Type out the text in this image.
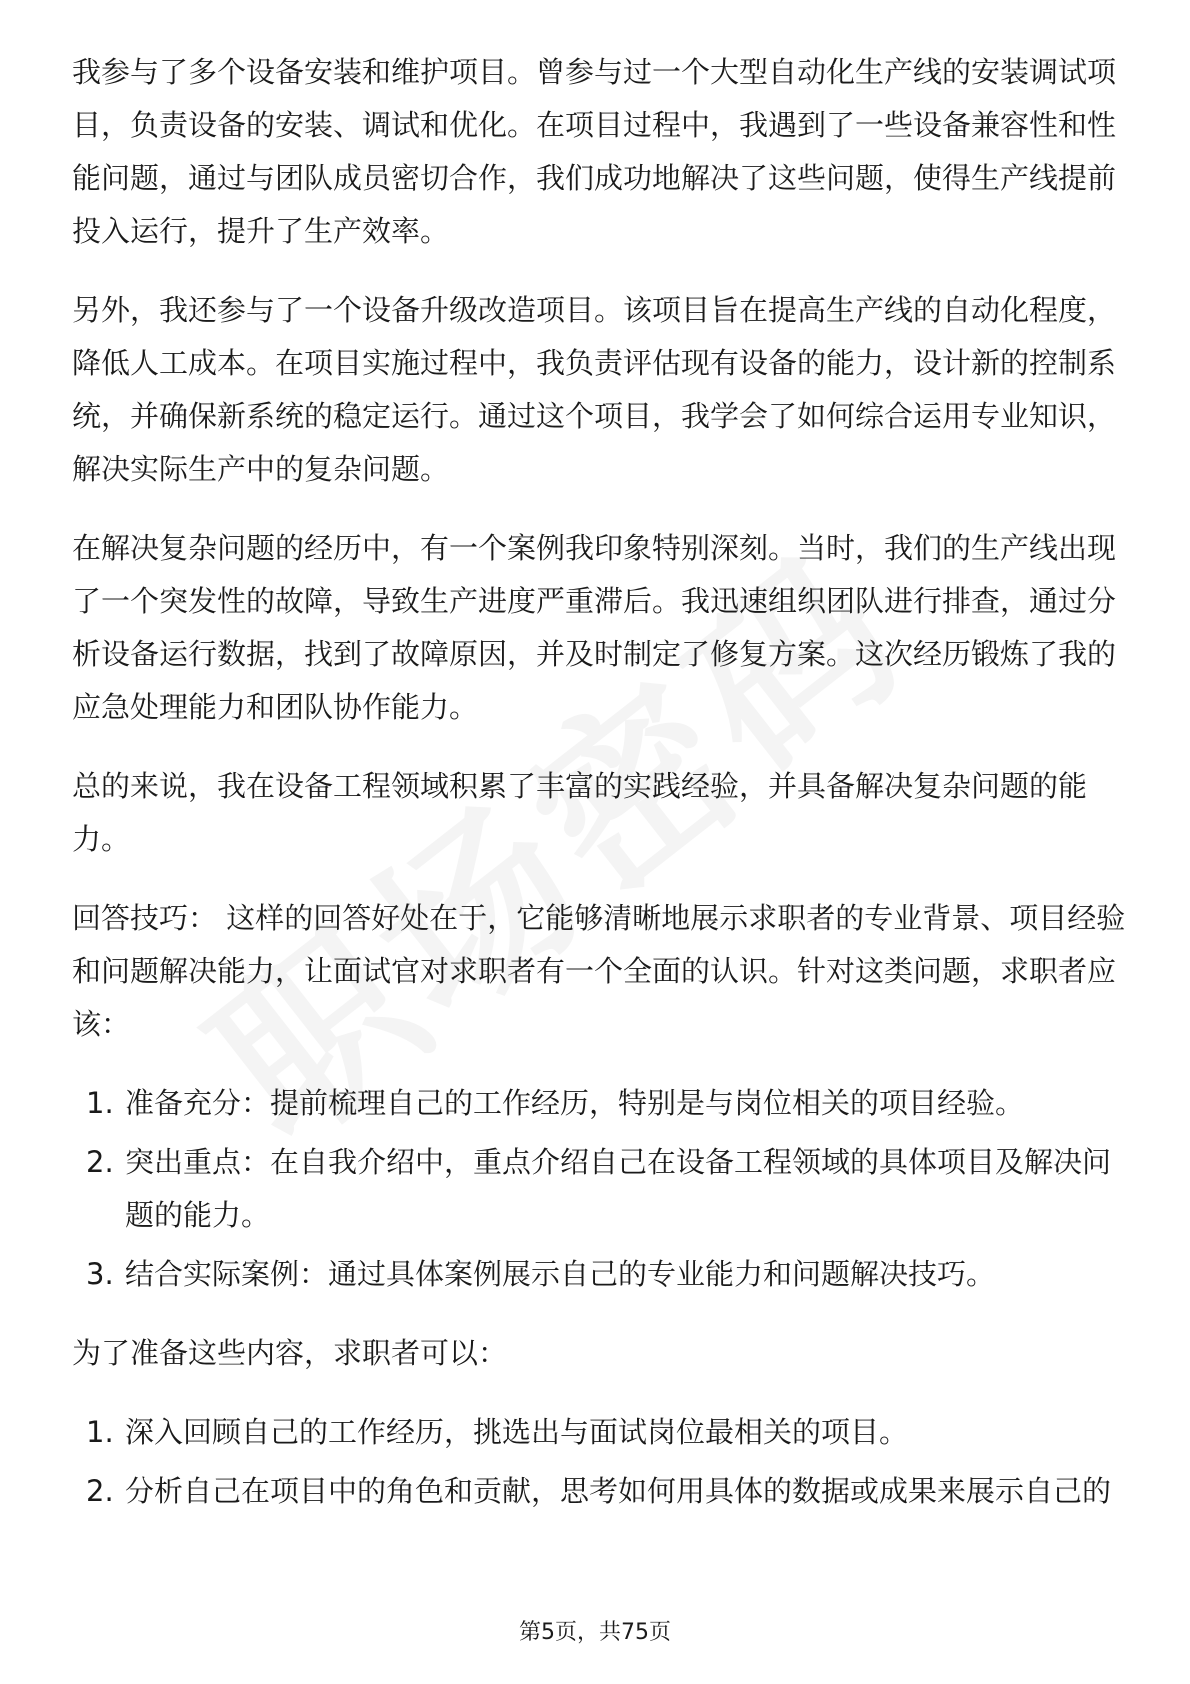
我参与了多个设备安装和维护项目。曾参与过一个大型自动化生产线的安装调试项目，负责设备的安装、调试和优化。在项目过程中，我遇到了一些设备兼容性和性能问题，通过与团队成员密切合作，我们成功地解决了这些问题，使得生产线提前投入运行，提升了生产效率。

另外，我还参与了一个设备升级改造项目。该项目旨在提高生产线的自动化程度，降低人工成本。在项目实施过程中，我负责评估现有设备的能力，设计新的控制系统，并确保新系统的稳定运行。通过这个项目，我学会了如何综合运用专业知识，解决实际生产中的复杂问题。

在解决复杂问题的经历中，有一个案例我印象特别深刻。当时，我们的生产线出现了一个突发性的故障，导致生产进度严重滞后。我迅速组织团队进行排查，通过分析设备运行数据，找到了故障原因，并及时制定了修复方案。这次经历锻炼了我的应急处理能力和团队协作能力。

总的来说，我在设备工程领域积累了丰富的实践经验，并具备解决复杂问题的能力。

回答技巧： 这样的回答好处在于，它能够清晰地展示求职者的专业背景、项目经验和问题解决能力，让面试官对求职者有一个全面的认识。针对这类问题，求职者应该：

1. 准备充分：提前梳理自己的工作经历，特别是与岗位相关的项目经验。
2. 突出重点：在自我介绍中，重点介绍自己在设备工程领域的具体项目及解决问题的能力。
3. 结合实际案例：通过具体案例展示自己的专业能力和问题解决技巧。

为了准备这些内容，求职者可以：

1. 深入回顾自己的工作经历，挑选出与面试岗位最相关的项目。
2. 分析自己在项目中的角色和贡献，思考如何用具体的数据或成果来展示自己的
第5页，共75页
